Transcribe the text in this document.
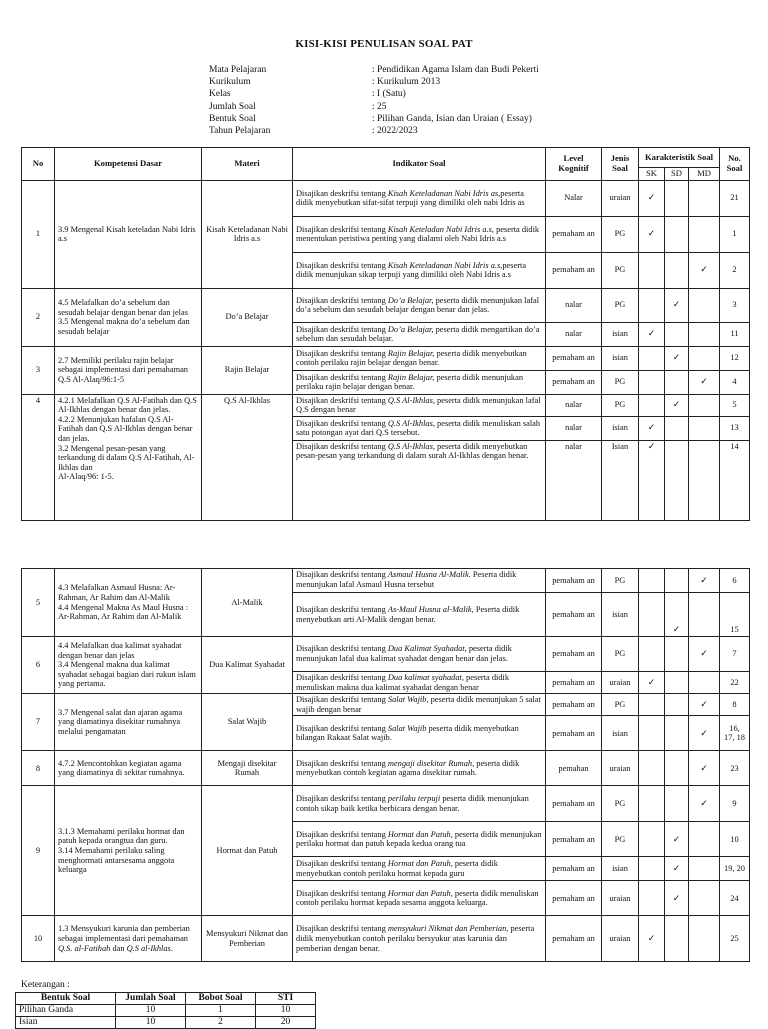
KISI-KISI PENULISAN SOAL PAT
Mata Pelajaran	: Pendidikan Agama Islam dan Budi Pekerti
Kurikulum	: Kurikulum 2013
Kelas	: I (Satu)
Jumlah Soal	: 25
Bentuk Soal	: Pilihan Ganda, Isian dan Uraian ( Essay)
Tahun Pelajaran	: 2022/2023
No	Kompetensi Dasar	Materi	Indikator Soal	Level Kognitif	Jenis Soal	Karakteristik Soal			No. Soal
						SK	SD	MD	
1	3.9 Mengenal Kisah keteladan Nabi Idris a.s	Kisah Keteladanan Nabi Idris a.s	Disajikan deskrifsi tentang Kisah Keteladanan Nabi Idris as,peserta didik menyebutkan sifat-sifat terpuji yang dimiliki oleh nabi Idris as	Nalar	uraian	✓			21
			Disajikan deskrifsi tentang Kisah Keteladan Nabi Idris a.s, peserta didik menentukan peristiwa penting yang dialami oleh Nabi Idris a.s	pemaham an	PG	✓			1
			Disajikan deskrifsi tentang Kisah Keteladanan Nabi Idris a.s,peserta didik menunjukan sikap terpuji yang dimiliki oleh Nabi Idris a.s	pemaham an	PG			✓	2
2	4.5 Melafalkan do’a sebelum dan sesudah belajar dengan benar dan jelas
3.5 Mengenal makna do’a sebelum dan sesudah belajar	Do’a Belajar	Disajikan deskrifsi tentang Do’a Belajar, peserta didik menunjukan lafal do’a sebelum dan sesudah belajar dengan benar dan jelas.	nalar	PG		✓		3
			Disajikan deskrifsi tentang Do’a Belajar, peserta didik mengartikan do’a sebelum dan sesudah belajar.	nalar	isian	✓			11
3	2.7 Memiliki perilaku rajin belajar sebagai implementasi dari pemahaman Q.S Al-Alaq/96:1-5	Rajin Belajar	Disajikan deskrifsi tentang Rajin Belajar, peserta didik menyebutkan contoh perilaku rajin belajar dengan benar.	pemaham an	isian		✓		12
			Disajikan deskrifsi tentang Rajin Belajar, peserta didik menunjukan perilaku rajin belajar dengan benar.	pemaham an	PG			✓	4
4	4.2.1 Melafalkan Q.S Al-Fatihah dan Q.S Al-Ikhlas dengan benar dan jelas.
4.2.2 Menunjukan hafalan Q.S Al-Fatihah dan Q.S Al-Ikhlas dengan benar dan jelas.
3.2 Mengenal pesan-pesan yang terkandung di dalam Q.S Al-Fatihah, Al-Ikhlas dan
Al-Alaq/96: 1-5.	Q.S Al-Ikhlas	Disajikan deskrifsi tentang Q.S Al-Ikhlas, peserta didik menunjukan lafal Q.S dengan benar	nalar	PG		✓		5
			Disajikan deskrifsi tentang Q.S Al-Ikhlas, peserta didik menuliskan salah satu potongan ayat dari Q.S tersebut.	nalar	isian	✓			13
			Disajikan deskrifsi tentang Q.S Al-Ikhlas, peserta didik menyebutkan pesan-pesan yang terkandung di dalam surah Al-Ikhlas dengan benar.	nalar	Isian	✓			14
5	4.3 Melafalkan Asmaul Husna: Ar-Rahman, Ar Rahim dan Al-Malik
4.4 Mengenal Makna As Maul Husna : Ar-Rahman, Ar Rahim dan Al-Malik	Al-Malik	Disajikan deskrifsi tentang Asmaul Husna Al-Malik. Peserta didik menunjukan lafal Asmaul Husna tersebut	pemaham an	PG			✓	6
			Disajikan deskrifsi tentang As-Maul Husna al-Malik, Peserta didik menyebutkan arti Al-Malik dengan benar.	pemaham an	isian		✓		15
6	4.4 Melafalkan dua kalimat syahadat dengan benar dan jelas
3.4 Mengenal makna dua kalimat syahadat sebagai bagian dari rukun islam yang pertama.	Dua Kalimat Syahadat	Disajikan deskrifsi tentang Dua Kalimat Syahadat, peserta didik menunjukan lafal dua kalimat syahadat dengan benar dan jelas.	pemaham an	PG			✓	7
			Disajikan deskrifsi tentang Dua kalimat syahadat, peserta didik menuliskan makna dua kalimat syahadat dengan benar	pemaham an	uraian	✓			22
7	3.7 Mengenal salat dan ajaran agama yang diamatinya disekitar rumahnya melalui pengamatan	Salat Wajib	Disajikan deskrifsi tentang Salat Wajib, peserta didik menunjukan 5 salat wajib dengan benar	pemaham an	PG			✓	8
			Disajikan deskrifsi tentang Salat Wajib peserta didik menyebutkan bilangan Rakaat Salat wajib.	pemaham an	isian			✓	16, 17, 18
8	4.7.2 Mencontohkan kegiatan agama yang diamatinya di sekitar rumahnya.	Mengaji disekitar Rumah	Disajikan deskrifsi tentang mengaji disekitar Rumah, peserta didik menyebutkan contoh kegiatan agama disekitar rumah.	pemahan	uraian			✓	23
9	3.1.3 Memahami perilaku hormat dan patuh kepada orangtua dan guru.
3.14 Memahami perilaku saling menghormati antarsesama anggota keluarga	Hormat dan Patuh	Disajikan deskrifsi tentang perilaku terpuji peserta didik menunjukan contoh sikap baik ketika berbicara dengan benar.	pemaham an	PG			✓	9
			Disajikan deskrifsi tentang Hormat dan Patuh, peserta didik menunjukan perilaku hormat dan patuh kepada kedua orang tua	pemaham an	PG		✓		10
			Disajikan deskrifsi tentang Hormat dan Patuh, peserta didik menyebutkan contoh perilaku hormat kepada guru	pemaham an	isian		✓		19, 20
			Disajikan deskrifsi tentang Hormat dan Patuh, peserta didik menuliskan contoh perilaku hormat kepada sesama anggota keluarga.	pemaham an	uraian		✓		24
10	1.3 Mensyukuri karunia dan pemberian sebagai implementasi dari pemahaman
Q.S. al-Fatihah dan Q.S al-Ikhlas.	Mensyukuri Nikmat dan Pemberian	Disajikan deskrifsi tentang mensyukuri Nikmat dan Pemberian, peserta didik menyebutkan contoh perilaku bersyukur atas karunia dan pemberian dengan benar.	pemaham an	uraian	✓			25
Keterangan :
Bentuk Soal	Jumlah Soal	Bobot Soal	STI
Pilihan Ganda	10	1	10
Isian	10	2	20
